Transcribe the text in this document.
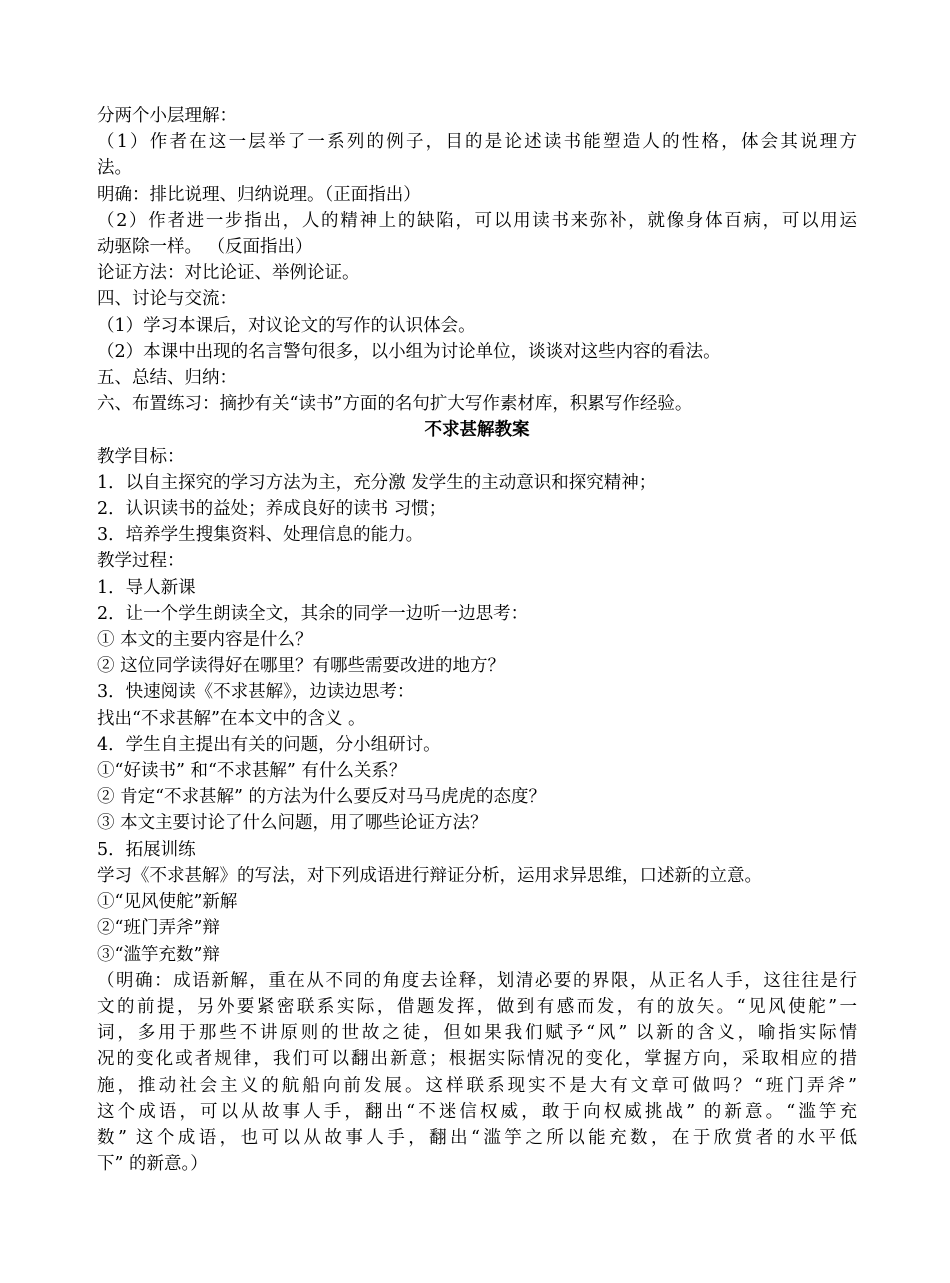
分两个小层理解：
（1）作者在这一层举了一系列的例子，目的是论述读书能塑造人的性格，体会其说理方
法。
明确：排比说理、归纳说理。（正面指出）
（2）作者进一步指出，人的精神上的缺陷，可以用读书来弥补，就像身体百病，可以用运
动驱除一样。 （反面指出）
论证方法：对比论证、举例论证。
四、讨论与交流：
（1）学习本课后，对议论文的写作的认识体会。
（2）本课中出现的名言警句很多，以小组为讨论单位，谈谈对这些内容的看法。
五、总结、归纳：
六、布置练习：摘抄有关“读书”方面的名句扩大写作素材库，积累写作经验。
不求甚解教案
教学目标：
1．以自主探究的学习方法为主，充分激 发学生的主动意识和探究精神；
2．认识读书的益处；养成良好的读书 习惯；
3．培养学生搜集资料、处理信息的能力。
教学过程：
1．导人新课
2．让一个学生朗读全文，其余的同学一边听一边思考：
① 本文的主要内容是什么？
② 这位同学读得好在哪里？有哪些需要改进的地方？
3．快速阅读《不求甚解》，边读边思考：
找出“不求甚解”在本文中的含义 。
4．学生自主提出有关的问题，分小组研讨。
①“好读书” 和“不求甚解” 有什么关系？
② 肯定“不求甚解” 的方法为什么要反对马马虎虎的态度？
③ 本文主要讨论了什么问题，用了哪些论证方法？
5．拓展训练
学习《不求甚解》的写法，对下列成语进行辩证分析，运用求异思维，口述新的立意。
①“见风使舵”新解
②“班门弄斧”辩
③“滥竽充数”辩
（明确：成语新解，重在从不同的角度去诠释，划清必要的界限，从正名人手，这往往是行
文的前提，另外要紧密联系实际，借题发挥，做到有感而发，有的放矢。“见风使舵”一
词，多用于那些不讲原则的世故之徒，但如果我们赋予“风” 以新的含义，喻指实际情
况的变化或者规律，我们可以翻出新意；根据实际情况的变化，掌握方向，采取相应的措
施，推动社会主义的航船向前发展。这样联系现实不是大有文章可做吗？“班门弄斧”
这个成语，可以从故事人手，翻出“不迷信权威，敢于向权威挑战” 的新意。“滥竽充
数” 这个成语，也可以从故事人手，翻出“滥竽之所以能充数，在于欣赏者的水平低
下” 的新意。）
